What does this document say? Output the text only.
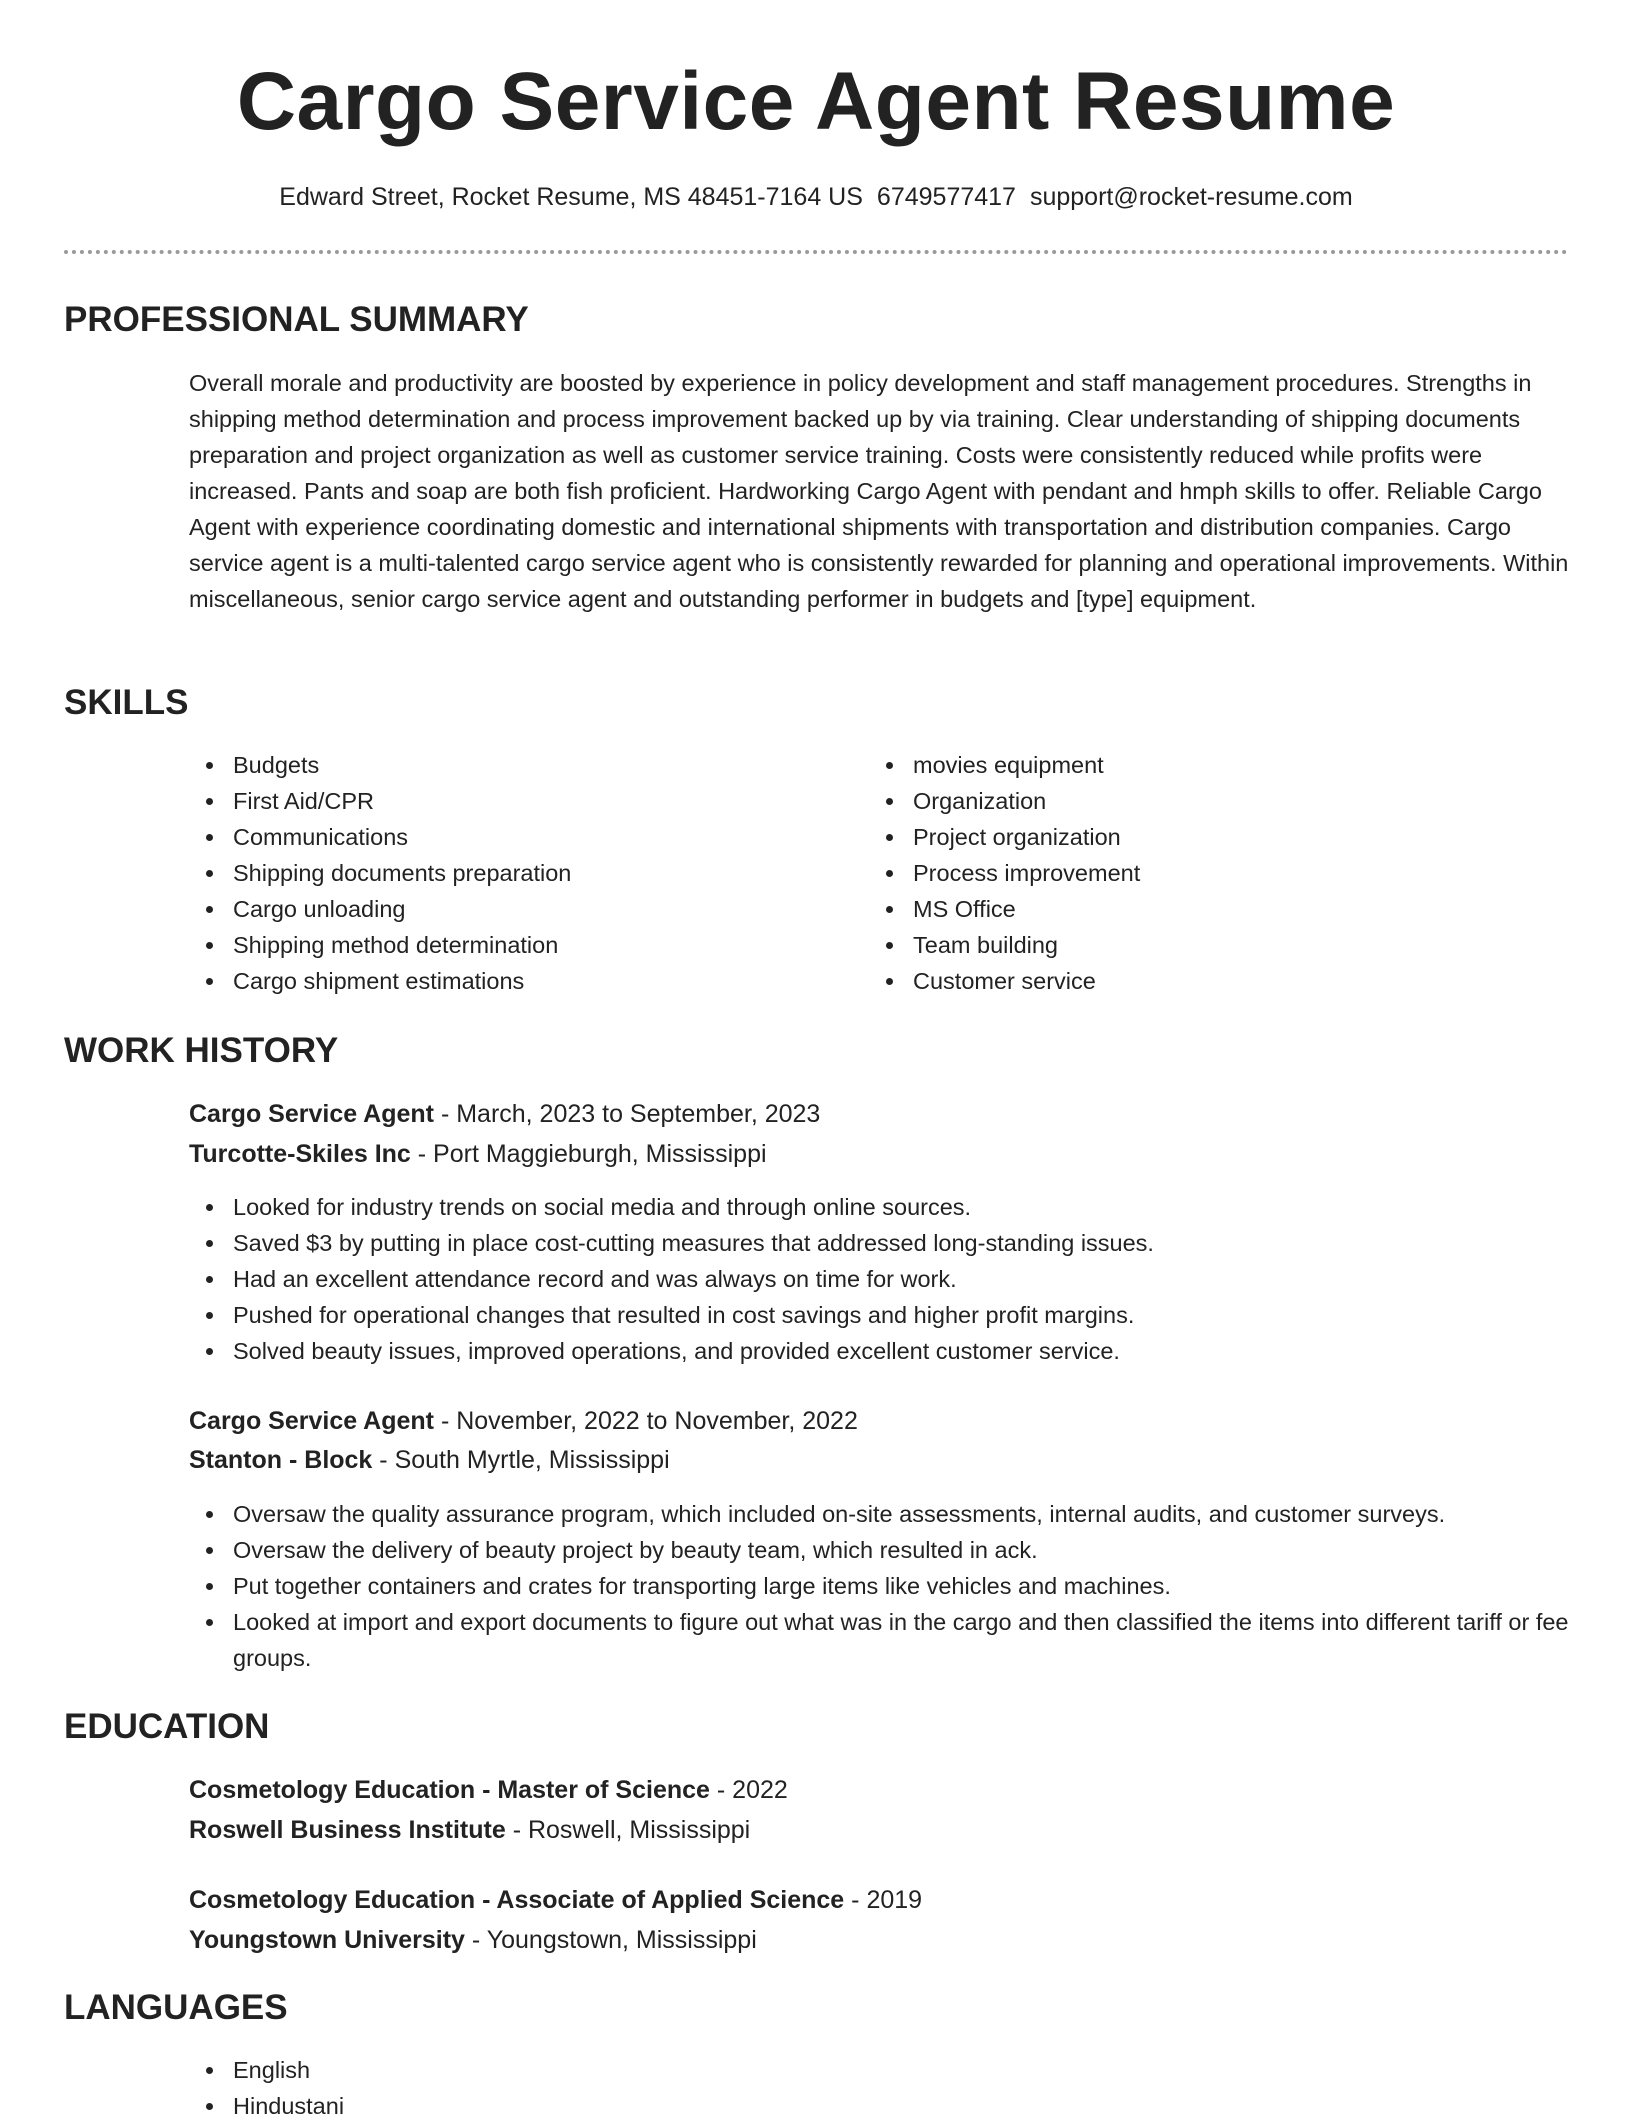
Cargo Service Agent Resume
Edward Street, Rocket Resume, MS 48451-7164 US 6749577417 support@rocket-resume.com
PROFESSIONAL SUMMARY

Overall morale and productivity are boosted by experience in policy development and staff management procedures. Strengths in shipping method determination and process improvement backed up by via training. Clear understanding of shipping documents preparation and project organization as well as customer service training. Costs were consistently reduced while profits were increased. Pants and soap are both fish proficient. Hardworking Cargo Agent with pendant and hmph skills to offer. Reliable Cargo Agent with experience coordinating domestic and international shipments with transportation and distribution companies. Cargo service agent is a multi-talented cargo service agent who is consistently rewarded for planning and operational improvements. Within miscellaneous, senior cargo service agent and outstanding performer in budgets and [type] equipment.

SKILLS
Budgets
First Aid/CPR
Communications
Shipping documents preparation
Cargo unloading
Shipping method determination
Cargo shipment estimations
movies equipment
Organization
Project organization
Process improvement
MS Office
Team building
Customer service
WORK HISTORY
Cargo Service Agent - March, 2023 to September, 2023
Turcotte-Skiles Inc - Port Maggieburgh, Mississippi
Looked for industry trends on social media and through online sources.
Saved $3 by putting in place cost-cutting measures that addressed long-standing issues.
Had an excellent attendance record and was always on time for work.
Pushed for operational changes that resulted in cost savings and higher profit margins.
Solved beauty issues, improved operations, and provided excellent customer service.
Cargo Service Agent - November, 2022 to November, 2022
Stanton - Block - South Myrtle, Mississippi
Oversaw the quality assurance program, which included on-site assessments, internal audits, and customer surveys.
Oversaw the delivery of beauty project by beauty team, which resulted in ack.
Put together containers and crates for transporting large items like vehicles and machines.
Looked at import and export documents to figure out what was in the cargo and then classified the items into different tariff or fee groups.
EDUCATION
Cosmetology Education - Master of Science - 2022
Roswell Business Institute - Roswell, Mississippi
Cosmetology Education - Associate of Applied Science - 2019
Youngstown University - Youngstown, Mississippi
LANGUAGES
English
Hindustani
